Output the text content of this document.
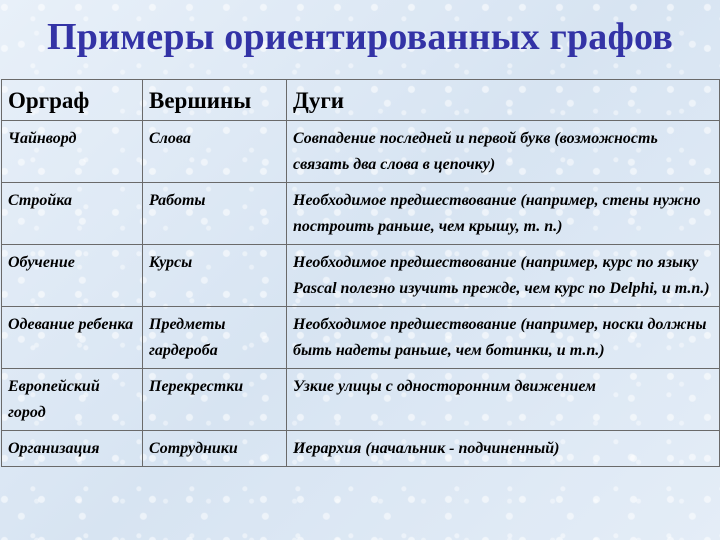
Примеры ориентированных графов
Орграф	Вершины	Дуги
Чайнворд	Слова	Совпадение последней и первой букв (возможность связать два слова в цепочку)
Стройка	Работы	Необходимое предшествование (например, стены нужно построить раньше, чем крышу, т. п.)
Обучение	Курсы	Необходимое предшествование (например, курс по языку Pascal полезно изучить прежде, чем курс по Delphi, и т.п.)
Одевание ребенка	Предметы гардероба	Необходимое предшествование (например, носки должны быть надеты раньше, чем ботинки, и т.п.)
Европейский город	Перекрестки	Узкие улицы с односторонним движением
Организация	Сотрудники	Иерархия (начальник - подчиненный)
